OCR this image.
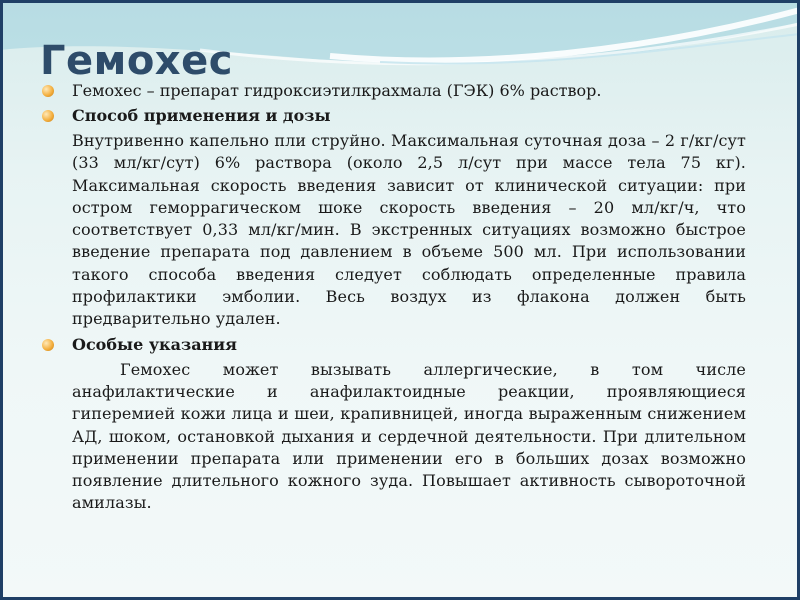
Гемохес
Гемохес – препарат гидроксиэтилкрахмала (ГЭК) 6% раствор.
Способ применения и дозы

Внутривенно капельно пли струйно. Максимальная суточная доза – 2 г/кг/сут (33 мл/кг/сут) 6% раствора (около 2,5 л/сут при массе тела 75 кг). Максимальная скорость введения зависит от клинической ситуации: при остром геморрагическом шоке скорость введения – 20 мл/кг/ч, что соответствует 0,33 мл/кг/мин. В экстренных ситуациях возможно быстрое введение препарата под давлением в объеме 500 мл. При использовании такого способа введения следует соблюдать определенные правила профилактики эмболии. Весь воздух из флакона должен быть предварительно удален.

Особые указания

Гемохес может вызывать аллергические, в том числе анафилактические и анафилактоидные реакции, проявляющиеся гиперемией кожи лица и шеи, крапивницей, иногда выраженным снижением АД, шоком, остановкой дыхания и сердечной деятельности. При длительном применении препарата или применении его в больших дозах возможно появление длительного кожного зуда. Повышает активность сывороточной амилазы.
